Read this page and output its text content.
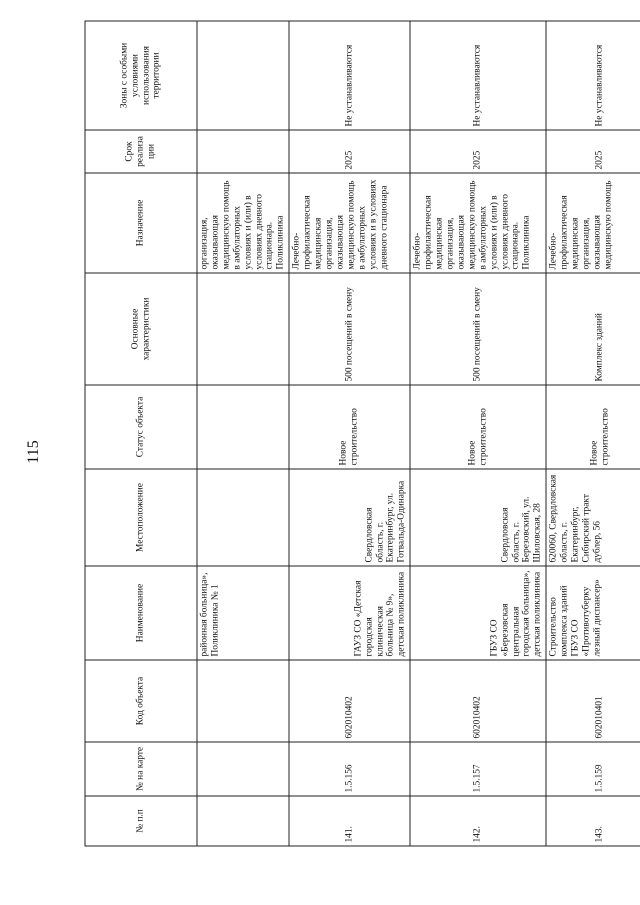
115
№ п.п	№ на карте	Код объекта	Наименование	Местоположение	Статус объекта	Основные характеристики	Назначение	Срок реализа ции	Зоны с особыми условиями использования территории
			районная больница», Поликлиника № 1				организация, оказывающая медицинскую помощь в амбулаторных условиях и (или) в условиях дневного стационара. Поликлиника		
141.	1.5.156	602010402	ГАУЗ СО «Детская городская клиническая больница № 9», детская поликлиника	Свердловская область, г. Екатеринбург, ул. Готвальда-Одинарка	Новое строительство	500 посещений в смену	Лечебно-профилактическая медицинская организация, оказывающая медицинскую помощь в амбулаторных условиях и в условиях дневного стационара	2025	Не устанавливаются
142.	1.5.157	602010402	ГБУЗ СО «Березовская центральная городская больница», детская поликлиника	Свердловская область, г. Березовский, ул. Шиловская, 28	Новое строительство	500 посещений в смену	Лечебно-профилактическая медицинская организация, оказывающая медицинскую помощь в амбулаторных условиях и (или) в условиях дневного стационара. Поликлиника	2025	Не устанавливаются
143.	1.5.159	602010401	Строительство комплекса зданий ГБУЗ СО «Противотуберку лезный диспансер»	620060, Свердловская область, г. Екатеринбург, Сибирский тракт дублер, 56	Новое строительство	Комплекс зданий	Лечебно-профилактическая медицинская организация, оказывающая медицинскую помощь	2025	Не устанавливаются
